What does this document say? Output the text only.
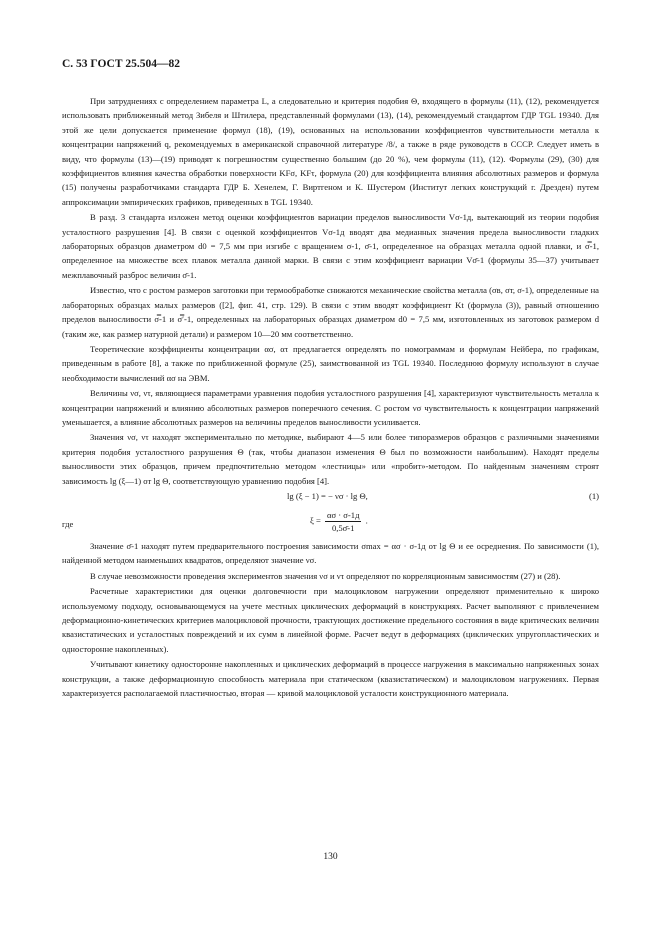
С. 53 ГОСТ 25.504—82

При затруднениях с определением параметра L, а следовательно и критерия подобия Θ, входящего в формулы (11), (12), рекомендуется использовать приближенный метод Зибеля и Штилера, представленный формулами (13), (14), рекомендуемый стандартом ГДР TGL 19340. Для этой же цели допускается применение формул (18), (19), основанных на использовании коэффициентов чувствительности металла к концентрации напряжений q, рекомендуемых в американской справочной литературе /8/, а также в ряде руководств в СССР. Следует иметь в виду, что формулы (13)—(19) приводят к погрешностям существенно большим (до 20 %), чем формулы (11), (12). Формулы (29), (30) для коэффициентов влияния качества обработки поверхности KFσ, KFτ, формула (20) для коэффициента влияния абсолютных размеров и формула (15) получены разработчиками стандарта ГДР Б. Хенелем, Г. Виртгеном и К. Шустером (Институт легких конструкций г. Дрезден) путем аппроксимации эмпирических графиков, приведенных в TGL 19340.

В разд. 3 стандарта изложен метод оценки коэффициентов вариации пределов выносливости Vσ-1д, вытекающий из теории подобия усталостного разрушения [4]. В связи с оценкой коэффициентов Vσ-1д вводят два медианных значения предела выносливости гладких лабораторных образцов диаметром d0 = 7,5 мм при изгибе с вращением σ-1, σ̄-1, определенное на образцах металла одной плавки, и σ̿-1, определенное на множестве всех плавок металла данной марки. В связи с этим коэффициент вариации Vσ̄-1 (формулы 35—37) учитывает межплавочный разброс величин σ̄-1.

Известно, что с ростом размеров заготовки при термообработке снижаются механические свойства металла (σв, σт, σ-1), определенные на лабораторных образцах малых размеров ([2], фиг. 41, стр. 129). В связи с этим вводят коэффициент Kt (формула (3)), равный отношению пределов выносливости σ̿-1 и σ̿′-1, определенных на лабораторных образцах диаметром d0 = 7,5 мм, изготовленных из заготовок размером d (таким же, как размер натурной детали) и размером 10—20 мм соответственно.

Теоретические коэффициенты концентрации ασ, ατ предлагается определять по номограммам и формулам Нейбера, по графикам, приведенным в работе [8], а также по приближенной формуле (25), заимствованной из TGL 19340. Последнюю формулу используют в случае необходимости вычислений ασ на ЭВМ.

Величины νσ, ντ, являющиеся параметрами уравнения подобия усталостного разрушения [4], характеризуют чувствительность металла к концентрации напряжений и влиянию абсолютных размеров поперечного сечения. С ростом νσ чувствительность к концентрации напряжений уменьшается, а влияние абсолютных размеров на величины пределов выносливости усиливается.

Значения νσ, ντ находят экспериментально по методике, выбирают 4—5 или более типоразмеров образцов с различными значениями критерия подобия усталостного разрушения Θ (так, чтобы диапазон изменения Θ был по возможности наибольшим). Находят пределы выносливости этих образцов, причем предпочтительно методом «лестницы» или «пробит»-методом. По найденным значениям строят зависимость lg (ξ—1) от lg Θ, соответствующую уравнению подобия [4].

lg (ξ − 1) = − νσ · lg Θ,	(1)
где	$\xi = \frac{\alpha\sigma \cdot \sigma-1д}{0,5\sigmā-1}$ .

Значение σ̄-1 находят путем предварительного построения зависимости σmax = ασ · σ-1д от lg Θ и ее осреднения. По зависимости (1), найденной методом наименьших квадратов, определяют значение νσ.

В случае невозможности проведения экспериментов значения νσ и ντ определяют по корреляционным зависимостям (27) и (28).

Расчетные характеристики для оценки долговечности при малоцикловом нагружении определяют применительно к широко используемому подходу, основывающемуся на учете местных циклических деформаций в конструкциях. Расчет выполняют с привлечением деформационно-кинетических критериев малоцикловой прочности, трактующих достижение предельного состояния в виде критических величин квазистатических и усталостных повреждений и их сумм в линейной форме. Расчет ведут в деформациях (циклических упругопластических и одностороннe накопленных).

Учитывают кинетику одностороннe накопленных и циклических деформаций в процессе нагружения в максимально напряженных зонах конструкции, а также деформационную способность материала при статическом (квазистатическом) и малоцикловом нагружениях. Первая характеризуется располагаемой пластичностью, вторая — кривой малоцикловой усталости конструкционного материала.

130
